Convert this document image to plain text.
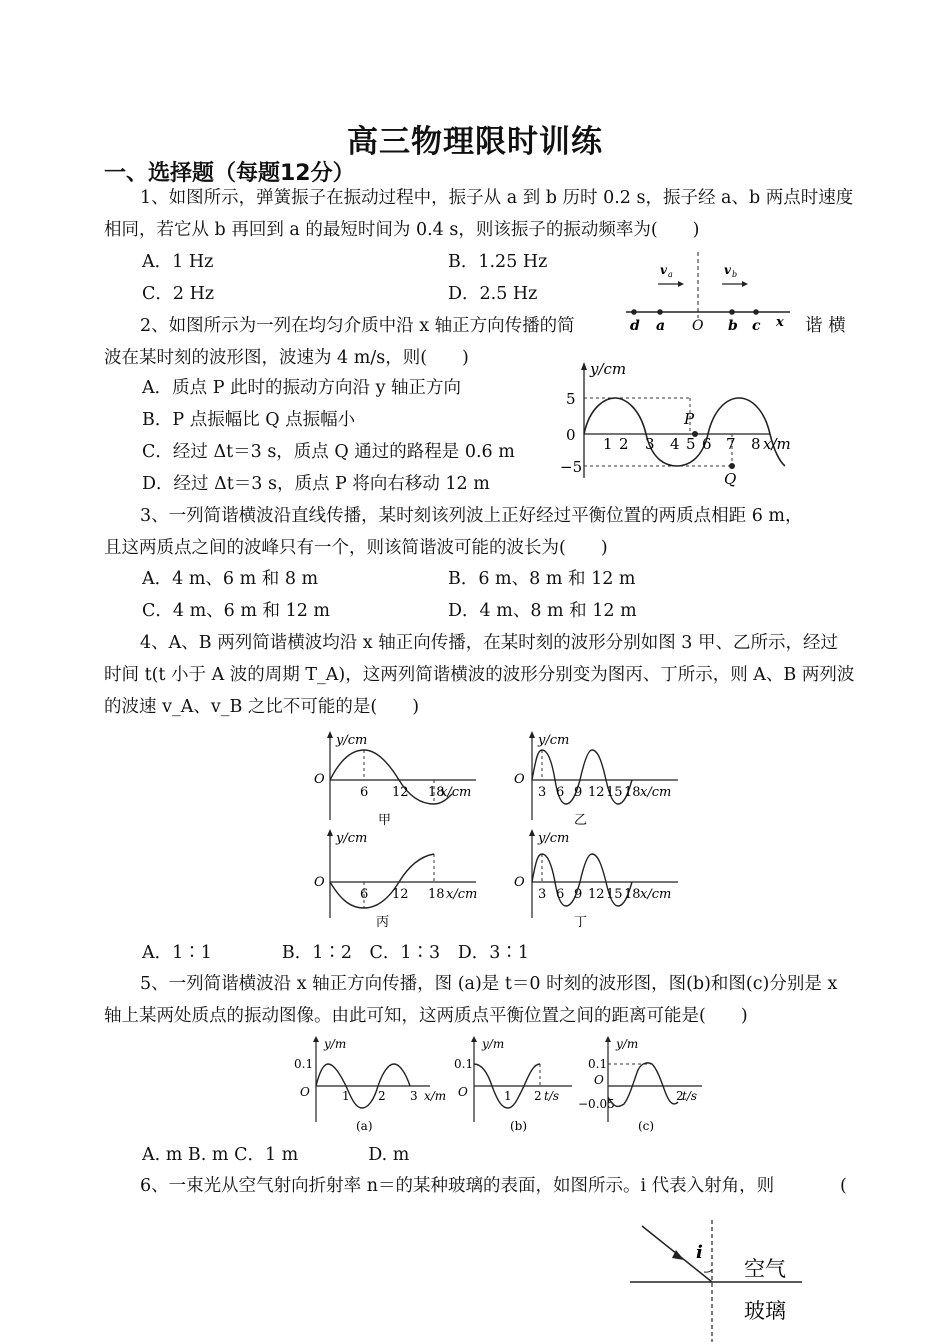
高三物理限时训练
一、选择题（每题12分）
1、如图所示，弹簧振子在振动过程中，振子从 a 到 b 历时 0.2 s，振子经 a、b 两点时速度
相同，若它从 b 再回到 a 的最短时间为 0.4 s，则该振子的振动频率为(　　)
A．1 Hz	B．1.25 Hz
C．2 Hz	D．2.5 Hz
v a	v b
d a O b c x
2、如图所示为一列在均匀介质中沿 x 轴正方向传播的简	谐 横
波在某时刻的波形图，波速为 4 m/s，则(　　)
A．质点 P 此时的振动方向沿 y 轴正方向
B．P 点振幅比 Q 点振幅小
C．经过 Δt＝3 s，质点 Q 通过的路程是 0.6 m
D．经过 Δt＝3 s，质点 P 将向右移动 12 m
y/cm
5
0
−5
P
Q
1 2 3 4 5 6 7 8 x/m
3、一列简谐横波沿直线传播，某时刻该列波上正好经过平衡位置的两质点相距 6 m，
且这两质点之间的波峰只有一个，则该简谐波可能的波长为(　　)
A．4 m、6 m 和 8 m	B．6 m、8 m 和 12 m
C．4 m、6 m 和 12 m	D．4 m、8 m 和 12 m
4、A、B 两列简谐横波均沿 x 轴正向传播，在某时刻的波形分别如图 3 甲、乙所示，经过
时间 t(t 小于 A 波的周期 T_A)，这两列简谐横波的波形分别变为图丙、丁所示，则 A、B 两列波
的波速 v_A、v_B 之比不可能的是(　　)
y/cm
O
6 12 18
x/cm
甲
y/cm
O
3 6 9 12 15 18 x/cm
乙
y/cm
O
6 12 18 x/cm
丙
y/cm
O
3 6 9 12 15 18 x/cm
丁
A．1∶1　　　　B．1∶2　C．1∶3　D．3∶1
5、一列简谐横波沿 x 轴正方向传播，图 (a)是 t＝0 时刻的波形图，图(b)和图(c)分别是 x
轴上某两处质点的振动图像。由此可知，这两质点平衡位置之间的距离可能是(　　)
y/m
0.1
O	1 2 3 x/m
(a)
y/m
0.1
O	1 2 t/s
(b)
y/m
0.1
O
−0.05
2
t/s
(c)
A. m B. m C．1 m　　　　D. m
6、一束光从空气射向折射率 n＝的某种玻璃的表面，如图所示。i 代表入射角，则	(
i
空气
玻璃
